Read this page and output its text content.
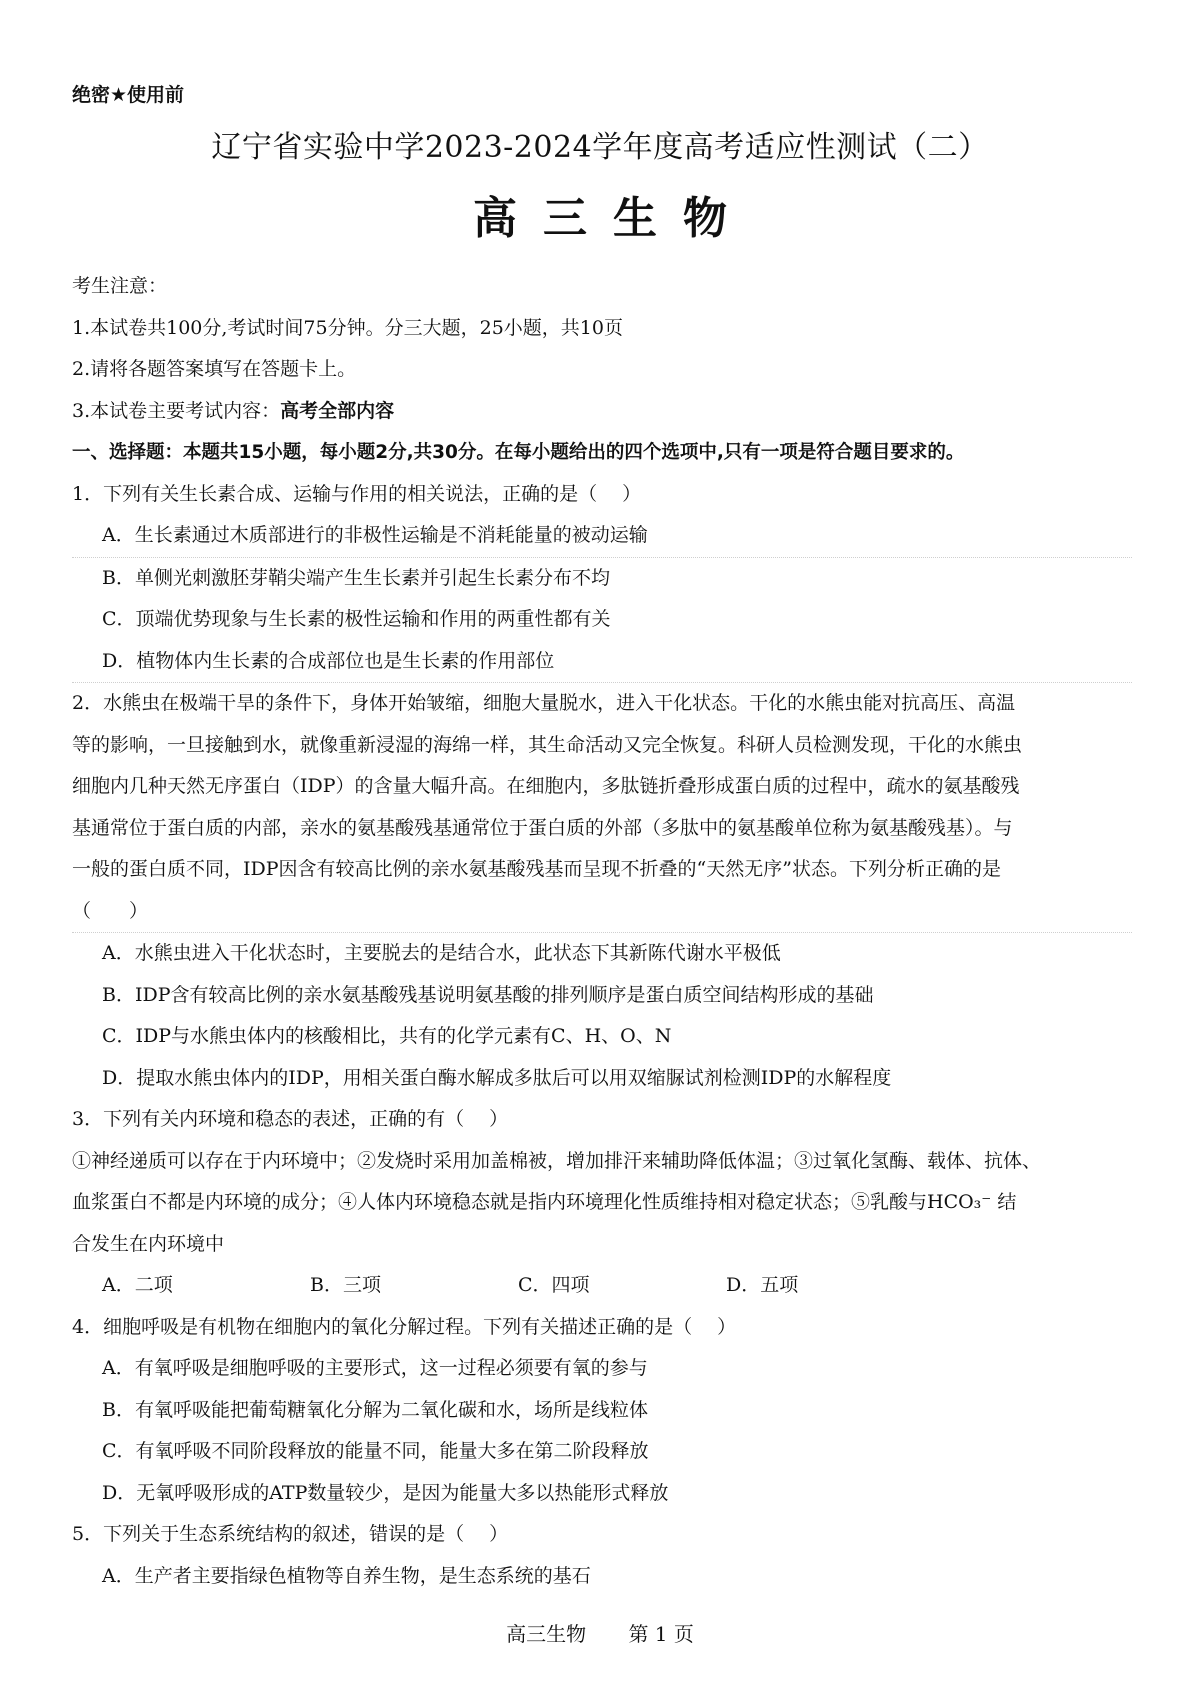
绝密★使用前
辽宁省实验中学2023-2024学年度高考适应性测试（二）
高三生物
考生注意：
1.本试卷共100分,考试时间75分钟。分三大题，25小题，共10页
2.请将各题答案填写在答题卡上。
3.本试卷主要考试内容：高考全部内容
一、选择题：本题共15小题，每小题2分,共30分。在每小题给出的四个选项中,只有一项是符合题目要求的。
1．下列有关生长素合成、运输与作用的相关说法，正确的是（　 ）
A．生长素通过木质部进行的非极性运输是不消耗能量的被动运输
B．单侧光刺激胚芽鞘尖端产生生长素并引起生长素分布不均
C．顶端优势现象与生长素的极性运输和作用的两重性都有关
D．植物体内生长素的合成部位也是生长素的作用部位
2．水熊虫在极端干旱的条件下，身体开始皱缩，细胞大量脱水，进入干化状态。干化的水熊虫能对抗高压、高温
等的影响，一旦接触到水，就像重新浸湿的海绵一样，其生命活动又完全恢复。科研人员检测发现，干化的水熊虫
细胞内几种天然无序蛋白（IDP）的含量大幅升高。在细胞内，多肽链折叠形成蛋白质的过程中，疏水的氨基酸残
基通常位于蛋白质的内部，亲水的氨基酸残基通常位于蛋白质的外部（多肽中的氨基酸单位称为氨基酸残基）。与
一般的蛋白质不同，IDP因含有较高比例的亲水氨基酸残基而呈现不折叠的“天然无序”状态。下列分析正确的是
（　　）
A．水熊虫进入干化状态时，主要脱去的是结合水，此状态下其新陈代谢水平极低
B．IDP含有较高比例的亲水氨基酸残基说明氨基酸的排列顺序是蛋白质空间结构形成的基础
C．IDP与水熊虫体内的核酸相比，共有的化学元素有C、H、O、N
D．提取水熊虫体内的IDP，用相关蛋白酶水解成多肽后可以用双缩脲试剂检测IDP的水解程度
3．下列有关内环境和稳态的表述，正确的有（　 ）
①神经递质可以存在于内环境中；②发烧时采用加盖棉被，增加排汗来辅助降低体温；③过氧化氢酶、载体、抗体、
血浆蛋白不都是内环境的成分；④人体内环境稳态就是指内环境理化性质维持相对稳定状态；⑤乳酸与HCO₃⁻ 结
合发生在内环境中
A．二项	B．三项	C．四项	D．五项
4．细胞呼吸是有机物在细胞内的氧化分解过程。下列有关描述正确的是（　 ）
A．有氧呼吸是细胞呼吸的主要形式，这一过程必须要有氧的参与
B．有氧呼吸能把葡萄糖氧化分解为二氧化碳和水，场所是线粒体
C．有氧呼吸不同阶段释放的能量不同，能量大多在第二阶段释放
D．无氧呼吸形成的ATP数量较少，是因为能量大多以热能形式释放
5．下列关于生态系统结构的叙述，错误的是（　 ）
A．生产者主要指绿色植物等自养生物，是生态系统的基石
高三生物 第 1 页
